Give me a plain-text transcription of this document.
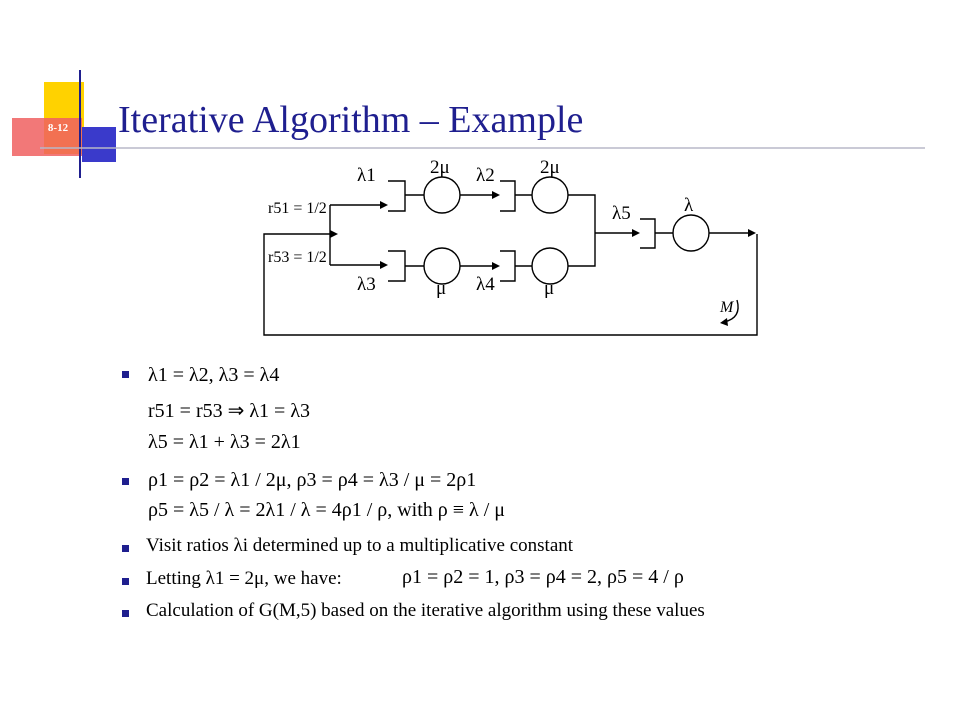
8-12 Iterative Algorithm – Example
λ1	λ2
λ3	λ4
λ5	λ
2μ	2μ
μ	μ
M
r51 = 1/2
r53 = 1/2
λ1 = λ2, λ3 = λ4
r51 = r53 ⇒ λ1 = λ3
λ5 = λ1 + λ3 = 2λ1
ρ1 = ρ2 = λ1 / 2μ, ρ3 = ρ4 = λ3 / μ = 2ρ1
ρ5 = λ5 / λ = 2λ1 / λ = 4ρ1 / ρ, with ρ ≡ λ / μ
Visit ratios λi determined up to a multiplicative constant
Letting λ1 = 2μ, we have:	ρ1 = ρ2 = 1, ρ3 = ρ4 = 2, ρ5 = 4 / ρ
Calculation of G(M,5) based on the iterative algorithm using these values
